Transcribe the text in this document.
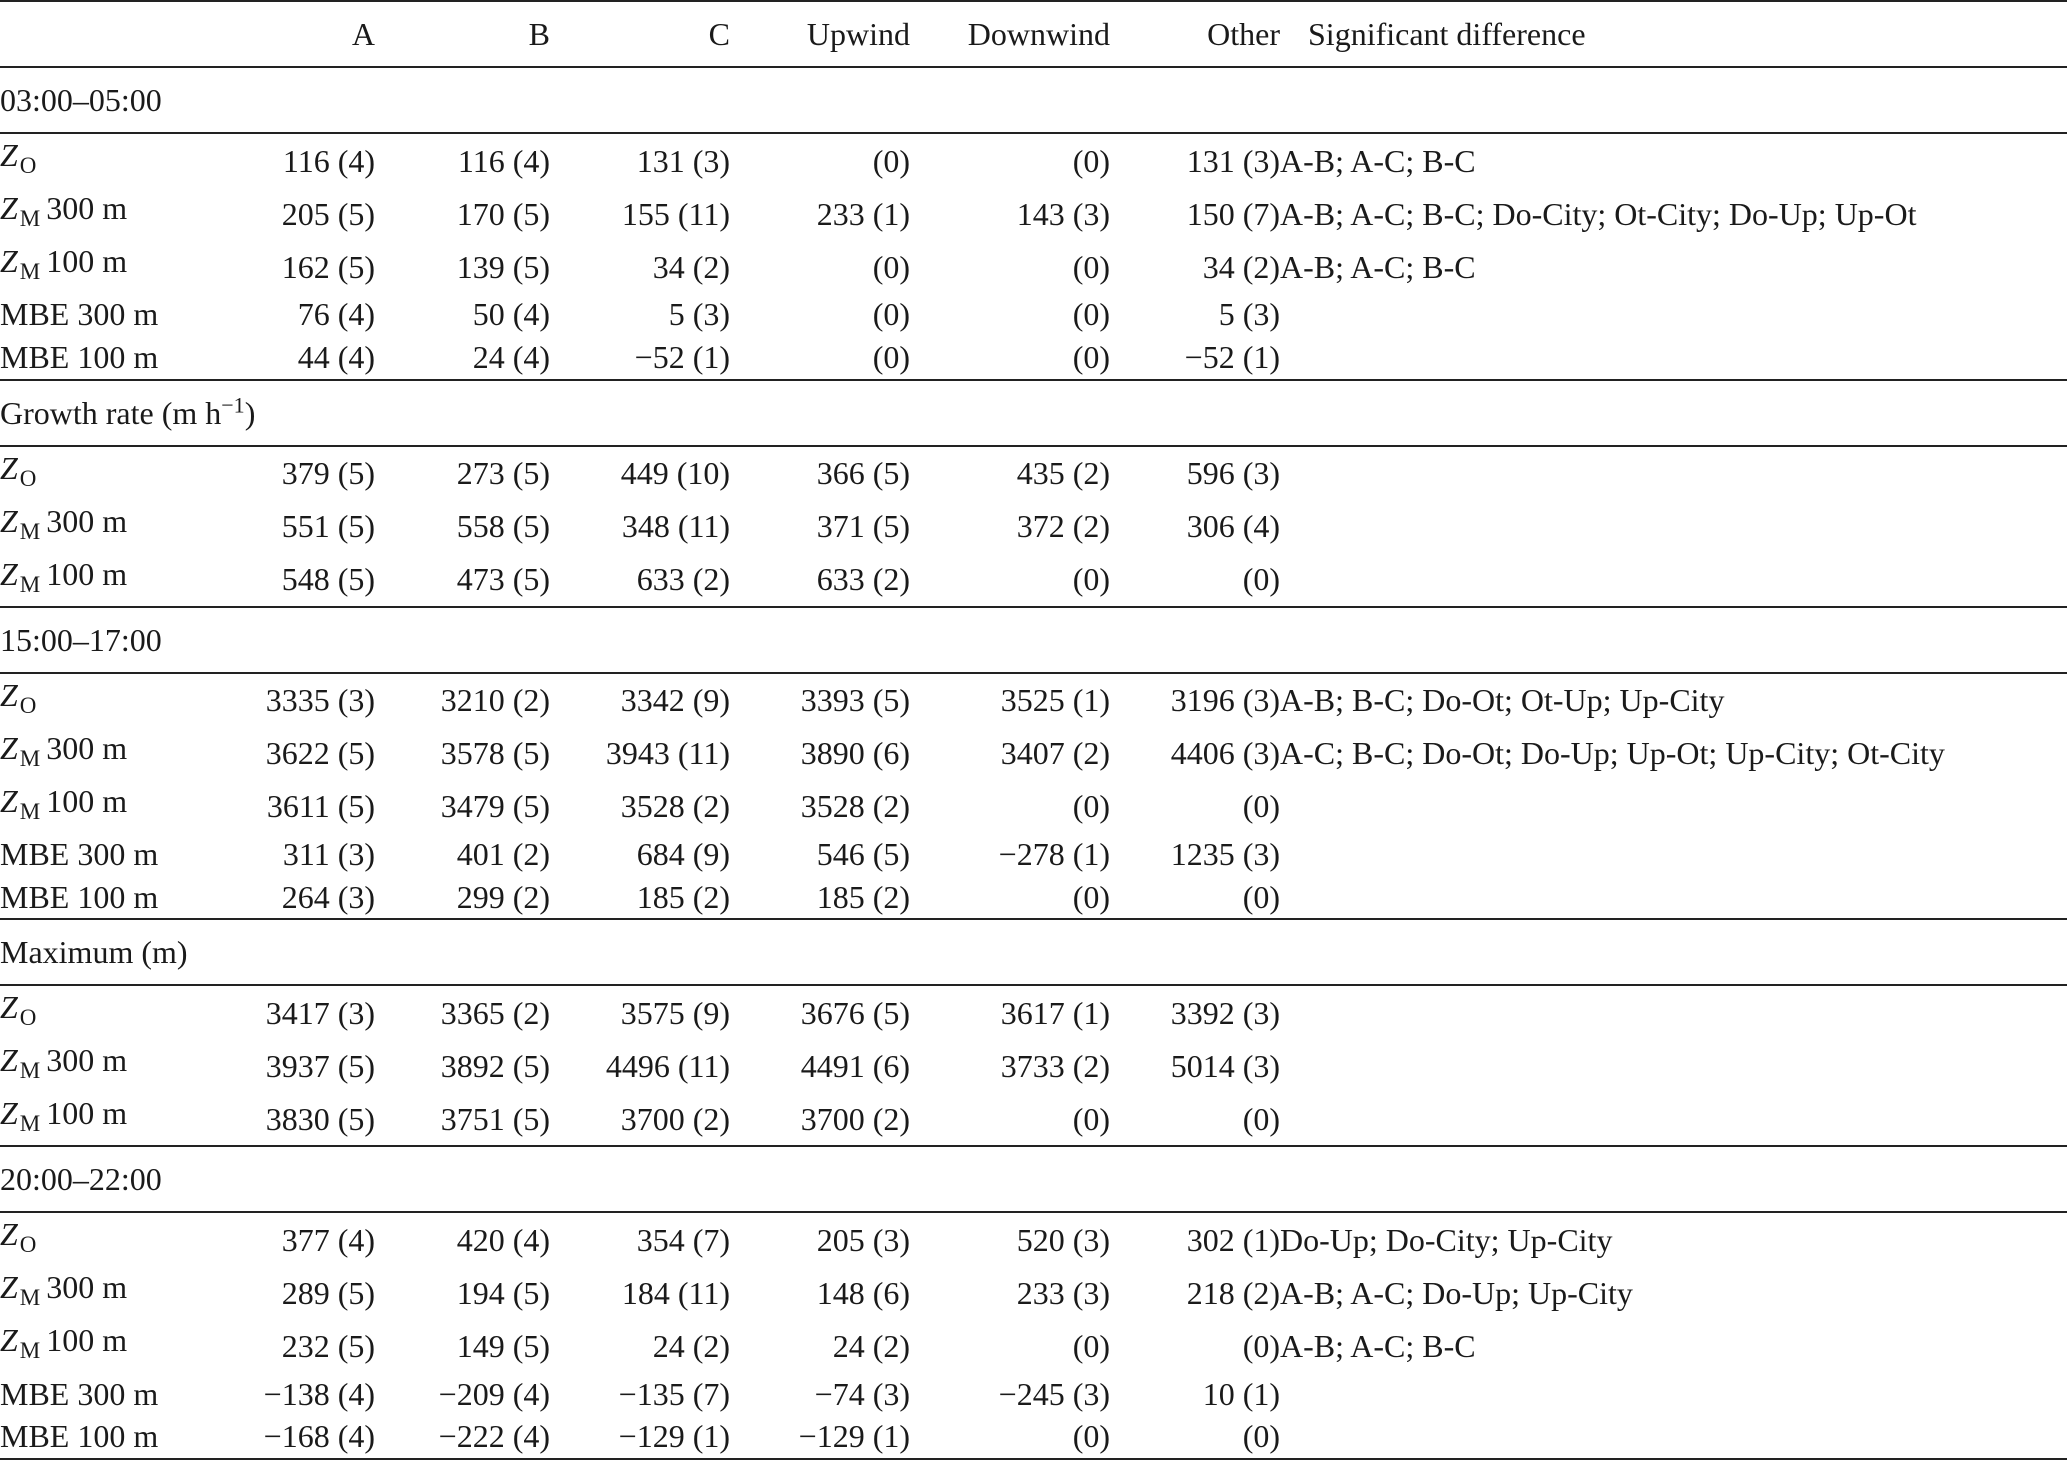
	A	B	C	Upwind	Downwind	Other	Significant difference
03:00–05:00							
$Z_O$	116 (4)	116 (4)	131 (3)	(0)	(0)	131 (3)	A-B; A-C; B-C
$Z_M$ 300 m	205 (5)	170 (5)	155 (11)	233 (1)	143 (3)	150 (7)	A-B; A-C; B-C; Do-City; Ot-City; Do-Up; Up-Ot
$Z_M$ 100 m	162 (5)	139 (5)	34 (2)	(0)	(0)	34 (2)	A-B; A-C; B-C
MBE 300 m	76 (4)	50 (4)	5 (3)	(0)	(0)	5 (3)	
MBE 100 m	44 (4)	24 (4)	−52 (1)	(0)	(0)	−52 (1)	
Growth rate (m $h^{-1}$)							
$Z_O$	379 (5)	273 (5)	449 (10)	366 (5)	435 (2)	596 (3)	
$Z_M$ 300 m	551 (5)	558 (5)	348 (11)	371 (5)	372 (2)	306 (4)	
$Z_M$ 100 m	548 (5)	473 (5)	633 (2)	633 (2)	(0)	(0)	
15:00–17:00							
$Z_O$	3335 (3)	3210 (2)	3342 (9)	3393 (5)	3525 (1)	3196 (3)	A-B; B-C; Do-Ot; Ot-Up; Up-City
$Z_M$ 300 m	3622 (5)	3578 (5)	3943 (11)	3890 (6)	3407 (2)	4406 (3)	A-C; B-C; Do-Ot; Do-Up; Up-Ot; Up-City; Ot-City
$Z_M$ 100 m	3611 (5)	3479 (5)	3528 (2)	3528 (2)	(0)	(0)	
MBE 300 m	311 (3)	401 (2)	684 (9)	546 (5)	−278 (1)	1235 (3)	
MBE 100 m	264 (3)	299 (2)	185 (2)	185 (2)	(0)	(0)	
Maximum (m)							
$Z_O$	3417 (3)	3365 (2)	3575 (9)	3676 (5)	3617 (1)	3392 (3)	
$Z_M$ 300 m	3937 (5)	3892 (5)	4496 (11)	4491 (6)	3733 (2)	5014 (3)	
$Z_M$ 100 m	3830 (5)	3751 (5)	3700 (2)	3700 (2)	(0)	(0)	
20:00–22:00							
$Z_O$	377 (4)	420 (4)	354 (7)	205 (3)	520 (3)	302 (1)	Do-Up; Do-City; Up-City
$Z_M$ 300 m	289 (5)	194 (5)	184 (11)	148 (6)	233 (3)	218 (2)	A-B; A-C; Do-Up; Up-City
$Z_M$ 100 m	232 (5)	149 (5)	24 (2)	24 (2)	(0)	(0)	A-B; A-C; B-C
MBE 300 m	−138 (4)	−209 (4)	−135 (7)	−74 (3)	−245 (3)	10 (1)	
MBE 100 m	−168 (4)	−222 (4)	−129 (1)	−129 (1)	(0)	(0)	
